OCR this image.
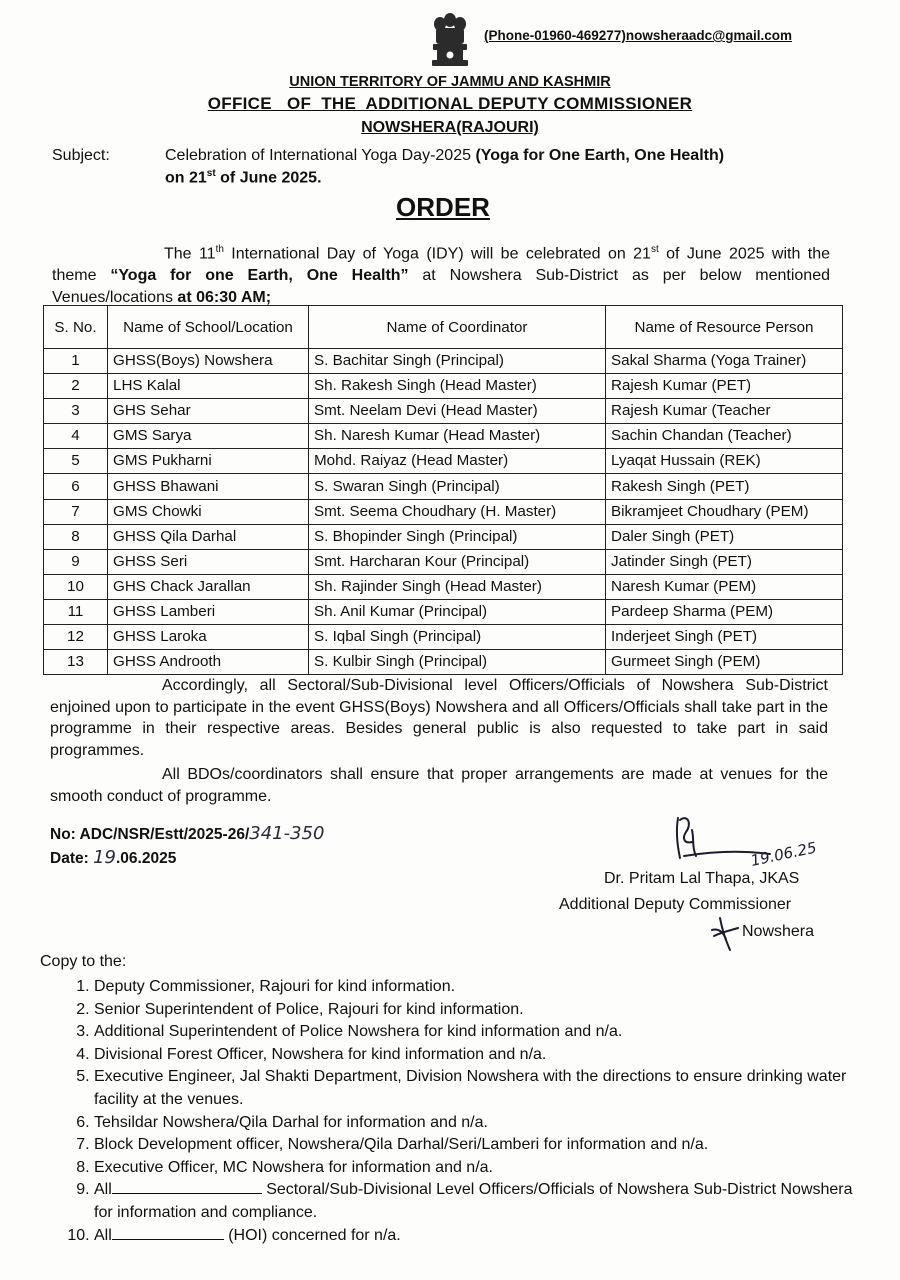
(Phone-01960-469277)nowsheraadc@gmail.com
UNION TERRITORY OF JAMMU AND KASHMIR
OFFICE   OF  THE  ADDITIONAL DEPUTY COMMISSIONER
NOWSHERA(RAJOURI)
Subject:	Celebration of International Yoga Day-2025 (Yoga for One Earth, One Health)
on 21st of June 2025.
ORDER
The 11th International Day of Yoga (IDY) will be celebrated on 21st of June 2025 with the theme “Yoga for one Earth, One Health” at Nowshera Sub-District as per below mentioned Venues/locations at 06:30 AM;
S. No.	Name of School/Location	Name of Coordinator	Name of Resource Person
1	GHSS(Boys) Nowshera	S. Bachitar Singh (Principal)	Sakal Sharma (Yoga Trainer)
2	LHS Kalal	Sh. Rakesh Singh (Head Master)	Rajesh Kumar (PET)
3	GHS Sehar	Smt. Neelam Devi (Head Master)	Rajesh Kumar (Teacher
4	GMS Sarya	Sh. Naresh Kumar (Head Master)	Sachin Chandan (Teacher)
5	GMS Pukharni	Mohd. Raiyaz (Head Master)	Lyaqat Hussain (REK)
6	GHSS Bhawani	S. Swaran Singh (Principal)	Rakesh Singh (PET)
7	GMS Chowki	Smt. Seema Choudhary (H. Master)	Bikramjeet Choudhary (PEM)
8	GHSS Qila Darhal	S. Bhopinder Singh (Principal)	Daler Singh (PET)
9	GHSS Seri	Smt. Harcharan Kour (Principal)	Jatinder Singh (PET)
10	GHS Chack Jarallan	Sh. Rajinder Singh (Head Master)	Naresh Kumar (PEM)
11	GHSS Lamberi	Sh. Anil Kumar (Principal)	Pardeep Sharma (PEM)
12	GHSS Laroka	S. Iqbal Singh (Principal)	Inderjeet Singh (PET)
13	GHSS Androoth	S. Kulbir Singh (Principal)	Gurmeet Singh (PEM)
Accordingly, all Sectoral/Sub-Divisional level Officers/Officials of Nowshera Sub-District enjoined upon to participate in the event GHSS(Boys) Nowshera and all Officers/Officials shall take part in the programme in their respective areas. Besides general public is also requested to take part in said programmes.
All BDOs/coordinators shall ensure that proper arrangements are made at venues for the smooth conduct of programme.
No: ADC/NSR/Estt/2025-26/341-350
Date: 19.06.2025	19.06.25
Dr. Pritam Lal Thapa, JKAS
Additional Deputy Commissioner
Nowshera
Copy to the:
1. Deputy Commissioner, Rajouri for kind information.
2. Senior Superintendent of Police, Rajouri for kind information.
3. Additional Superintendent of Police Nowshera for kind information and n/a.
4. Divisional Forest Officer, Nowshera for kind information and n/a.
5. Executive Engineer, Jal Shakti Department, Division Nowshera with the directions to ensure drinking water facility at the venues.
6. Tehsildar Nowshera/Qila Darhal for information and n/a.
7. Block Development officer, Nowshera/Qila Darhal/Seri/Lamberi for information and n/a.
8. Executive Officer, MC Nowshera for information and n/a.
9. All	Sectoral/Sub-Divisional Level Officers/Officials of Nowshera Sub-District Nowshera for information and compliance.
10. All	(HOI) concerned for n/a.
